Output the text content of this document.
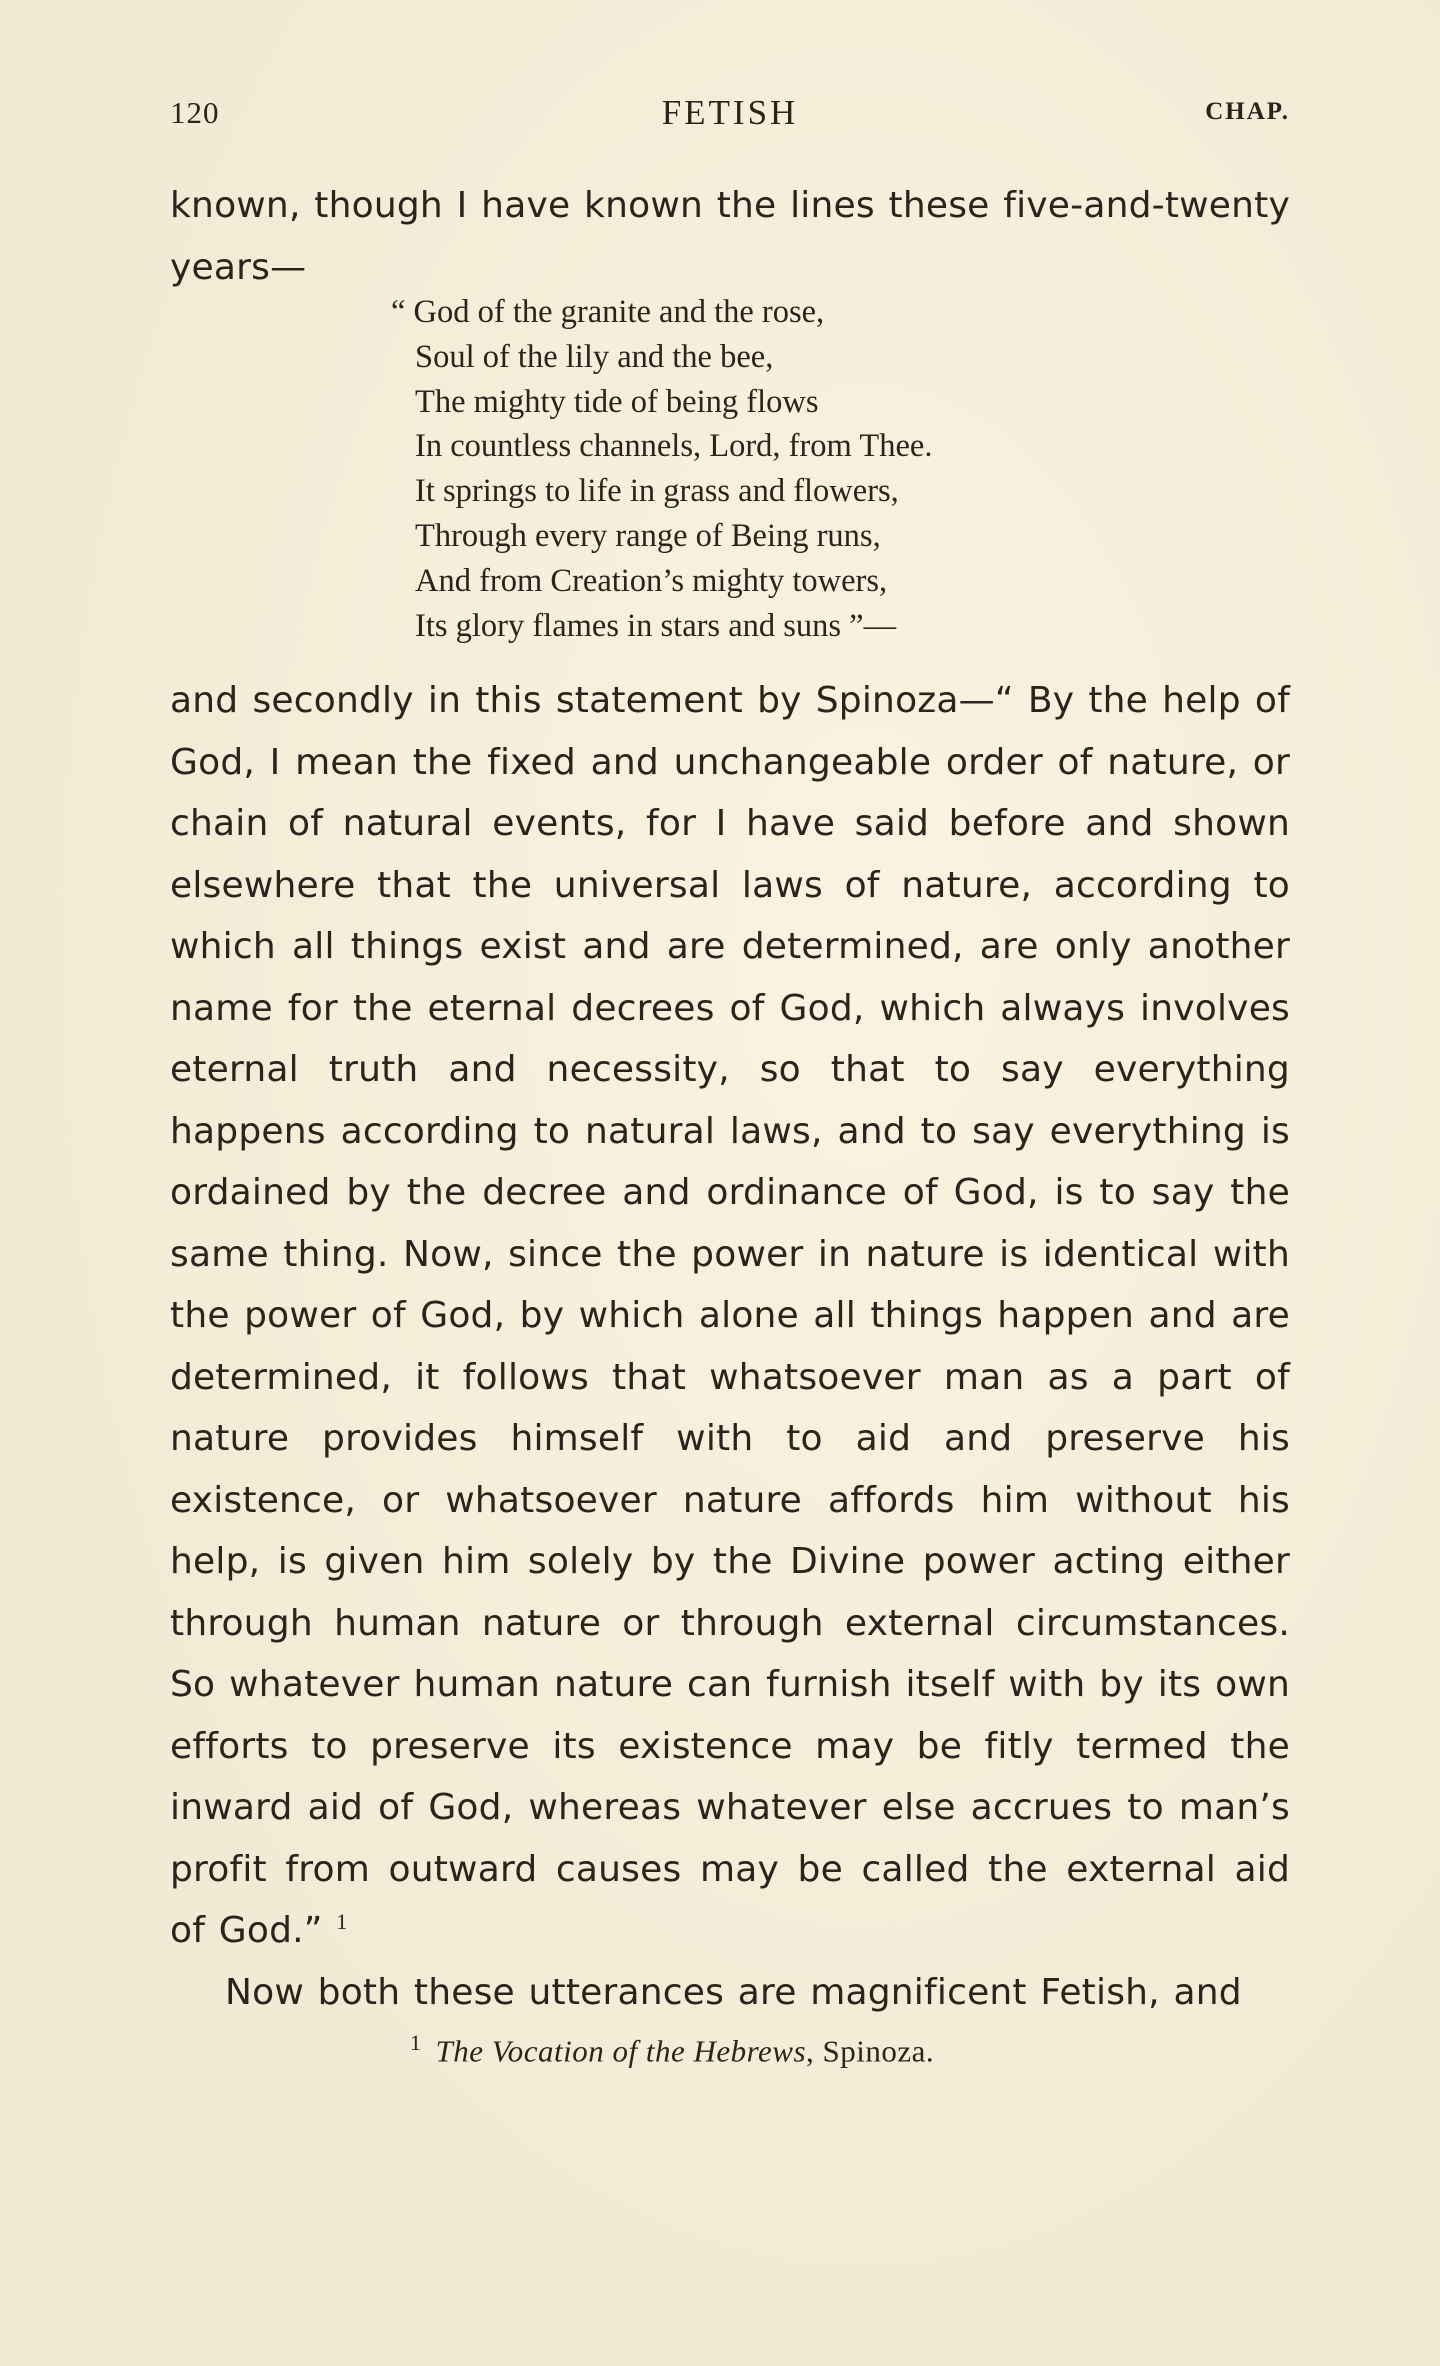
120	FETISH	CHAP.

known, though I have known the lines these five-and-twenty years—

“ God of the granite and the rose,
Soul of the lily and the bee,
The mighty tide of being flows
In countless channels, Lord, from Thee.
It springs to life in grass and flowers,
Through every range of Being runs,
And from Creation’s mighty towers,
Its glory flames in stars and suns ”—

and secondly in this statement by Spinoza—“ By the help of God, I mean the fixed and unchangeable order of nature, or chain of natural events, for I have said before and shown elsewhere that the universal laws of nature, according to which all things exist and are determined, are only another name for the eternal decrees of God, which always involves eternal truth and necessity, so that to say everything happens according to natural laws, and to say everything is ordained by the decree and ordinance of God, is to say the same thing. Now, since the power in nature is identical with the power of God, by which alone all things happen and are determined, it follows that whatsoever man as a part of nature provides himself with to aid and preserve his existence, or whatsoever nature affords him without his help, is given him solely by the Divine power acting either through human nature or through external circumstances. So whatever human nature can furnish itself with by its own efforts to preserve its existence may be fitly termed the inward aid of God, whereas whatever else accrues to man’s profit from outward causes may be called the external aid of God.” $^1$

Now both these utterances are magnificent Fetish, and

$^1$ The Vocation of the Hebrews, Spinoza.
